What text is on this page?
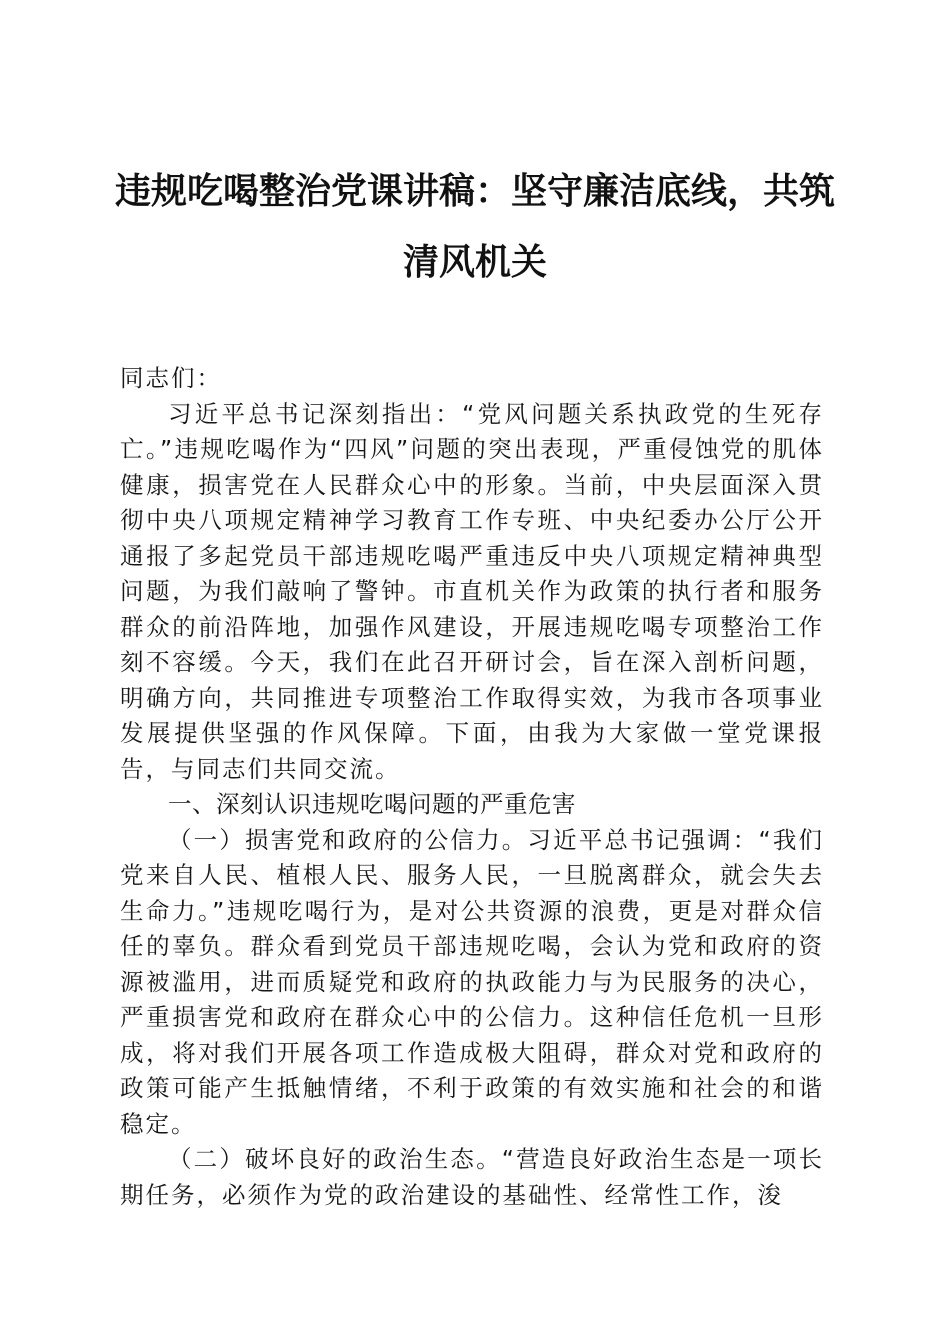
违规吃喝整治党课讲稿：坚守廉洁底线，共筑
清风机关

同志们：

习近平总书记深刻指出：“党风问题关系执政党的生死存亡。”违规吃喝作为“四风”问题的突出表现，严重侵蚀党的肌体健康，损害党在人民群众心中的形象。当前，中央层面深入贯彻中央八项规定精神学习教育工作专班、中央纪委办公厅公开通报了多起党员干部违规吃喝严重违反中央八项规定精神典型问题，为我们敲响了警钟。市直机关作为政策的执行者和服务群众的前沿阵地，加强作风建设，开展违规吃喝专项整治工作刻不容缓。今天，我们在此召开研讨会，旨在深入剖析问题，明确方向，共同推进专项整治工作取得实效，为我市各项事业发展提供坚强的作风保障。下面，由我为大家做一堂党课报告，与同志们共同交流。

一、深刻认识违规吃喝问题的严重危害

（一）损害党和政府的公信力。习近平总书记强调：“我们党来自人民、植根人民、服务人民，一旦脱离群众，就会失去生命力。”违规吃喝行为，是对公共资源的浪费，更是对群众信任的辜负。群众看到党员干部违规吃喝，会认为党和政府的资源被滥用，进而质疑党和政府的执政能力与为民服务的决心，严重损害党和政府在群众心中的公信力。这种信任危机一旦形成，将对我们开展各项工作造成极大阻碍，群众对党和政府的政策可能产生抵触情绪，不利于政策的有效实施和社会的和谐稳定。

（二）破坏良好的政治生态。“营造良好政治生态是一项长期任务，必须作为党的政治建设的基础性、经常性工作，浚
